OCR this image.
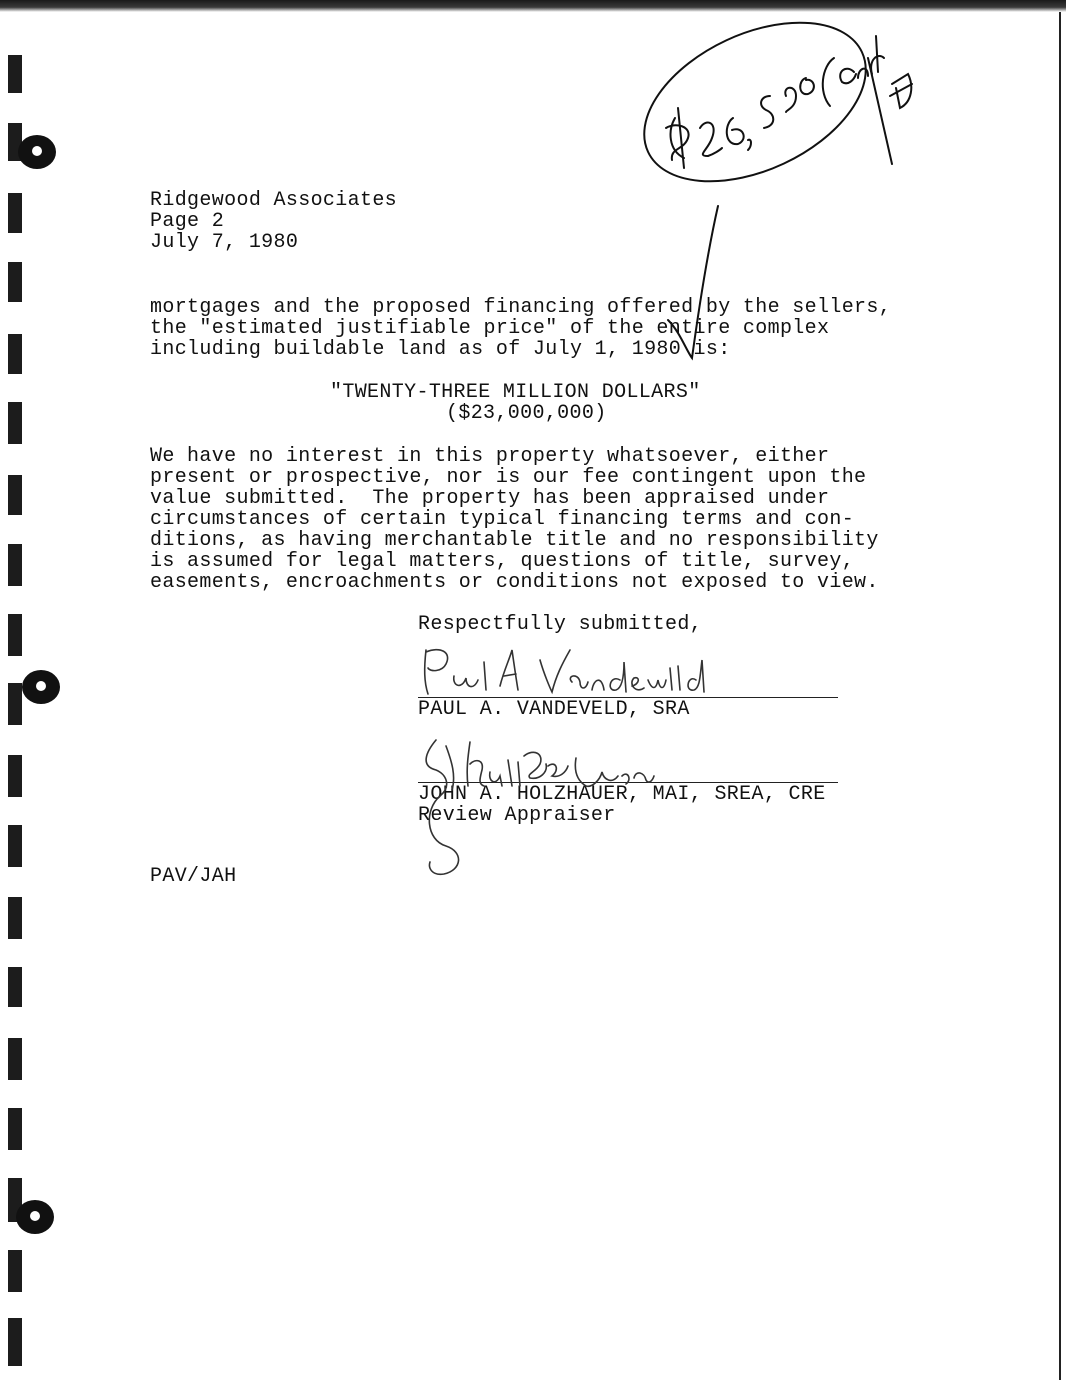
Ridgewood Associates
Page 2
July 7, 1980
mortgages and the proposed financing offered by the sellers,
the "estimated justifiable price" of the entire complex
including buildable land as of July 1, 1980 is:
"TWENTY-THREE MILLION DOLLARS"
($23,000,000)
We have no interest in this property whatsoever, either
present or prospective, nor is our fee contingent upon the
value submitted.  The property has been appraised under
circumstances of certain typical financing terms and con-
ditions, as having merchantable title and no responsibility
is assumed for legal matters, questions of title, survey,
easements, encroachments or conditions not exposed to view.
Respectfully submitted,
PAUL A. VANDEVELD, SRA
JOHN A. HOLZHAUER, MAI, SREA, CRE
Review Appraiser
PAV/JAH
